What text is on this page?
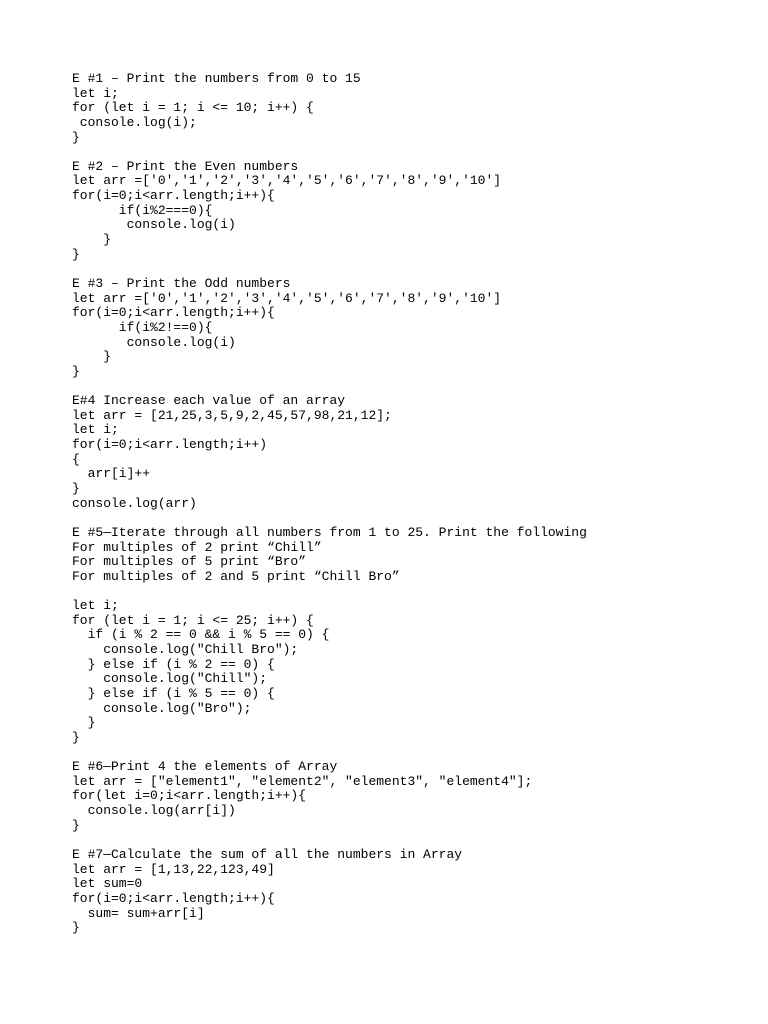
E #1 – Print the numbers from 0 to 15
let i;
for (let i = 1; i <= 10; i++) {
console.log(i);
}
E #2 – Print the Even numbers
let arr =['0','1','2','3','4','5','6','7','8','9','10']
for(i=0;i<arr.length;i++){
if(i%2===0){
console.log(i)
}
}
E #3 – Print the Odd numbers
let arr =['0','1','2','3','4','5','6','7','8','9','10']
for(i=0;i<arr.length;i++){
if(i%2!==0){
console.log(i)
}
}
E#4 Increase each value of an array
let arr = [21,25,3,5,9,2,45,57,98,21,12];
let i;
for(i=0;i<arr.length;i++)
{
arr[i]++
}
console.log(arr)
E #5—Iterate through all numbers from 1 to 25. Print the following
For multiples of 2 print “Chill”
For multiples of 5 print “Bro”
For multiples of 2 and 5 print “Chill Bro”
let i;
for (let i = 1; i <= 25; i++) {
if (i % 2 == 0 && i % 5 == 0) {
console.log("Chill Bro");
} else if (i % 2 == 0) {
console.log("Chill");
} else if (i % 5 == 0) {
console.log("Bro");
}
}
E #6—Print 4 the elements of Array
let arr = ["element1", "element2", "element3", "element4"];
for(let i=0;i<arr.length;i++){
console.log(arr[i])
}
E #7—Calculate the sum of all the numbers in Array
let arr = [1,13,22,123,49]
let sum=0
for(i=0;i<arr.length;i++){
sum= sum+arr[i]
}
